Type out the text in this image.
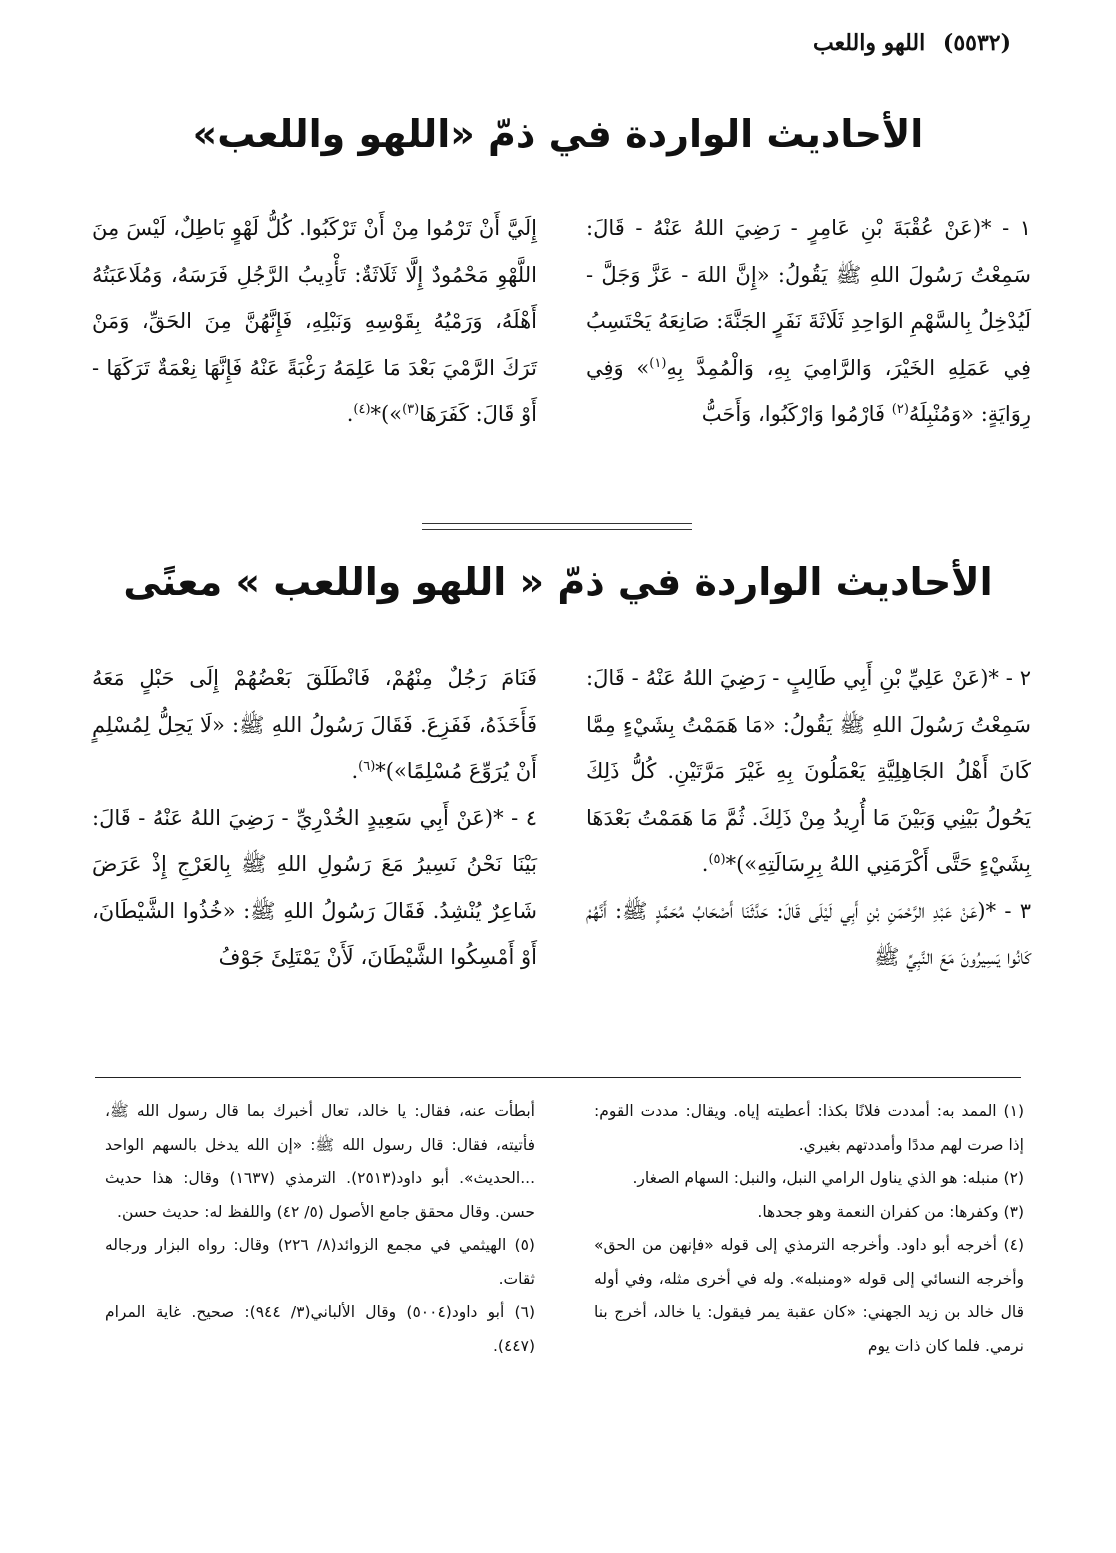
(٥٥٣٢) اللهو واللعب
الأحاديث الواردة في ذمّ «اللهو واللعب»

١ - *(عَنْ عُقْبَةَ بْنِ عَامِرٍ - رَضِيَ اللهُ عَنْهُ - قَالَ: سَمِعْتُ رَسُولَ اللهِ ﷺ يَقُولُ: «إِنَّ اللهَ - عَزَّ وَجَلَّ - لَيُدْخِلُ بِالسَّهْمِ الوَاحِدِ ثَلَاثَةَ نَفَرٍ الجَنَّةَ: صَانِعَهُ يَحْتَسِبُ فِي عَمَلِهِ الخَيْرَ، وَالرَّامِيَ بِهِ، وَالْمُمِدَّ بِهِ$^{(١)}$» وَفِي رِوَايَةٍ: «وَمُنْبِلَهُ$^{(٢)}$ فَارْمُوا وَارْكَبُوا، وَأَحَبُّ

إِلَيَّ أَنْ تَرْمُوا مِنْ أَنْ تَرْكَبُوا. كُلُّ لَهْوٍ بَاطِلٌ، لَيْسَ مِنَ اللَّهْوِ مَحْمُودٌ إِلَّا ثَلَاثَةٌ: تَأْدِيبُ الرَّجُلِ فَرَسَهُ، وَمُلَاعَبَتُهُ أَهْلَهُ، وَرَمْيُهُ بِقَوْسِهِ وَنَبْلِهِ، فَإِنَّهُنَّ مِنَ الحَقِّ، وَمَنْ تَرَكَ الرَّمْيَ بَعْدَ مَا عَلِمَهُ رَغْبَةً عَنْهُ فَإِنَّهَا نِعْمَةٌ تَرَكَهَا - أَوْ قَالَ: كَفَرَهَا$^{(٣)}$»)*$^{(٤)}$.

الأحاديث الواردة في ذمّ « اللهو واللعب » معنًى

٢ - *(عَنْ عَلِيِّ بْنِ أَبِي طَالِبٍ - رَضِيَ اللهُ عَنْهُ - قَالَ: سَمِعْتُ رَسُولَ اللهِ ﷺ يَقُولُ: «مَا هَمَمْتُ بِشَيْءٍ مِمَّا كَانَ أَهْلُ الجَاهِلِيَّةِ يَعْمَلُونَ بِهِ غَيْرَ مَرَّتَيْنِ. كُلُّ ذَلِكَ يَحُولُ بَيْنِي وَبَيْنَ مَا أُرِيدُ مِنْ ذَلِكَ. ثُمَّ مَا هَمَمْتُ بَعْدَهَا بِشَيْءٍ حَتَّى أَكْرَمَنِي اللهُ بِرِسَالَتِهِ»)*$^{(٥)}$.

٣ - *(عَنْ عَبْدِ الرَّحْمَنِ بْنِ أَبِي لَيْلَى قَالَ: حَدَّثَنَا أَصْحَابُ مُحَمَّدٍ ﷺ: أَنَّهُمْ كَانُوا يَسِيرُونَ مَعَ النَّبِيِّ ﷺ

فَنَامَ رَجُلٌ مِنْهُمْ، فَانْطَلَقَ بَعْضُهُمْ إِلَى حَبْلٍ مَعَهُ فَأَخَذَهُ، فَفَزِعَ. فَقَالَ رَسُولُ اللهِ ﷺ: «لَا يَحِلُّ لِمُسْلِمٍ أَنْ يُرَوِّعَ مُسْلِمًا»)*$^{(٦)}$.

٤ - *(عَنْ أَبِي سَعِيدٍ الخُدْرِيِّ - رَضِيَ اللهُ عَنْهُ - قَالَ: بَيْنَا نَحْنُ نَسِيرُ مَعَ رَسُولِ اللهِ ﷺ بِالعَرْجِ إِذْ عَرَضَ شَاعِرٌ يُنْشِدُ. فَقَالَ رَسُولُ اللهِ ﷺ: «خُذُوا الشَّيْطَانَ، أَوْ أَمْسِكُوا الشَّيْطَانَ، لَأَنْ يَمْتَلِئَ جَوْفُ

(١) الممد به: أمددت فلانًا بكذا: أعطيته إياه. ويقال: مددت القوم: إذا صرت لهم مددًا وأمددتهم بغيري.

(٢) منبله: هو الذي يناول الرامي النبل، والنبل: السهام الصغار.

(٣) وكفرها: من كفران النعمة وهو جحدها.

(٤) أخرجه أبو داود. وأخرجه الترمذي إلى قوله «فإنهن من الحق» وأخرجه النسائي إلى قوله «ومنبله». وله في أخرى مثله، وفي أوله قال خالد بن زيد الجهني: «كان عقبة يمر فيقول: يا خالد، أخرج بنا نرمي. فلما كان ذات يوم

أبطأت عنه، فقال: يا خالد، تعال أخبرك بما قال رسول الله ﷺ، فأتيته، فقال: قال رسول الله ﷺ: «إن الله يدخل بالسهم الواحد ...الحديث». أبو داود(٢٥١٣). الترمذي (١٦٣٧) وقال: هذا حديث حسن. وقال محقق جامع الأصول (٥/ ٤٢) واللفظ له: حديث حسن.

(٥) الهيثمي في مجمع الزوائد(٨/ ٢٢٦) وقال: رواه البزار ورجاله ثقات.

(٦) أبو داود(٥٠٠٤) وقال الألباني(٣/ ٩٤٤): صحيح. غاية المرام (٤٤٧).
